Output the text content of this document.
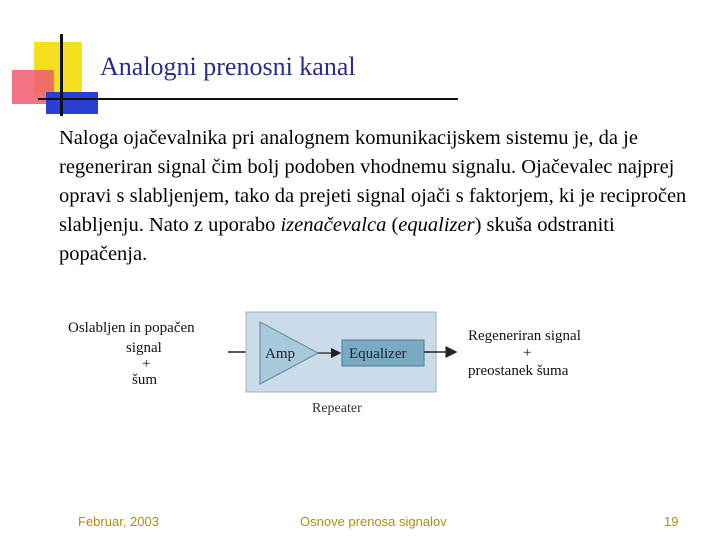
Analogni prenosni kanal

Naloga ojačevalnika pri analognem komunikacijskem sistemu je, da je regeneriran signal čim bolj podoben vhodnemu signalu. Ojačevalec najprej opravi s slabljenjem, tako da prejeti signal ojači s faktorjem, ki je recipročen slabljenju. Nato z uporabo izenačevalca (equalizer) skuša odstraniti popačenja.

Oslabljen in popačen
signal
+
šum
Amp	Equalizer
Repeater
Regeneriran signal
+
preostanek šuma
Februar, 2003	Osnove prenosa signalov	19
